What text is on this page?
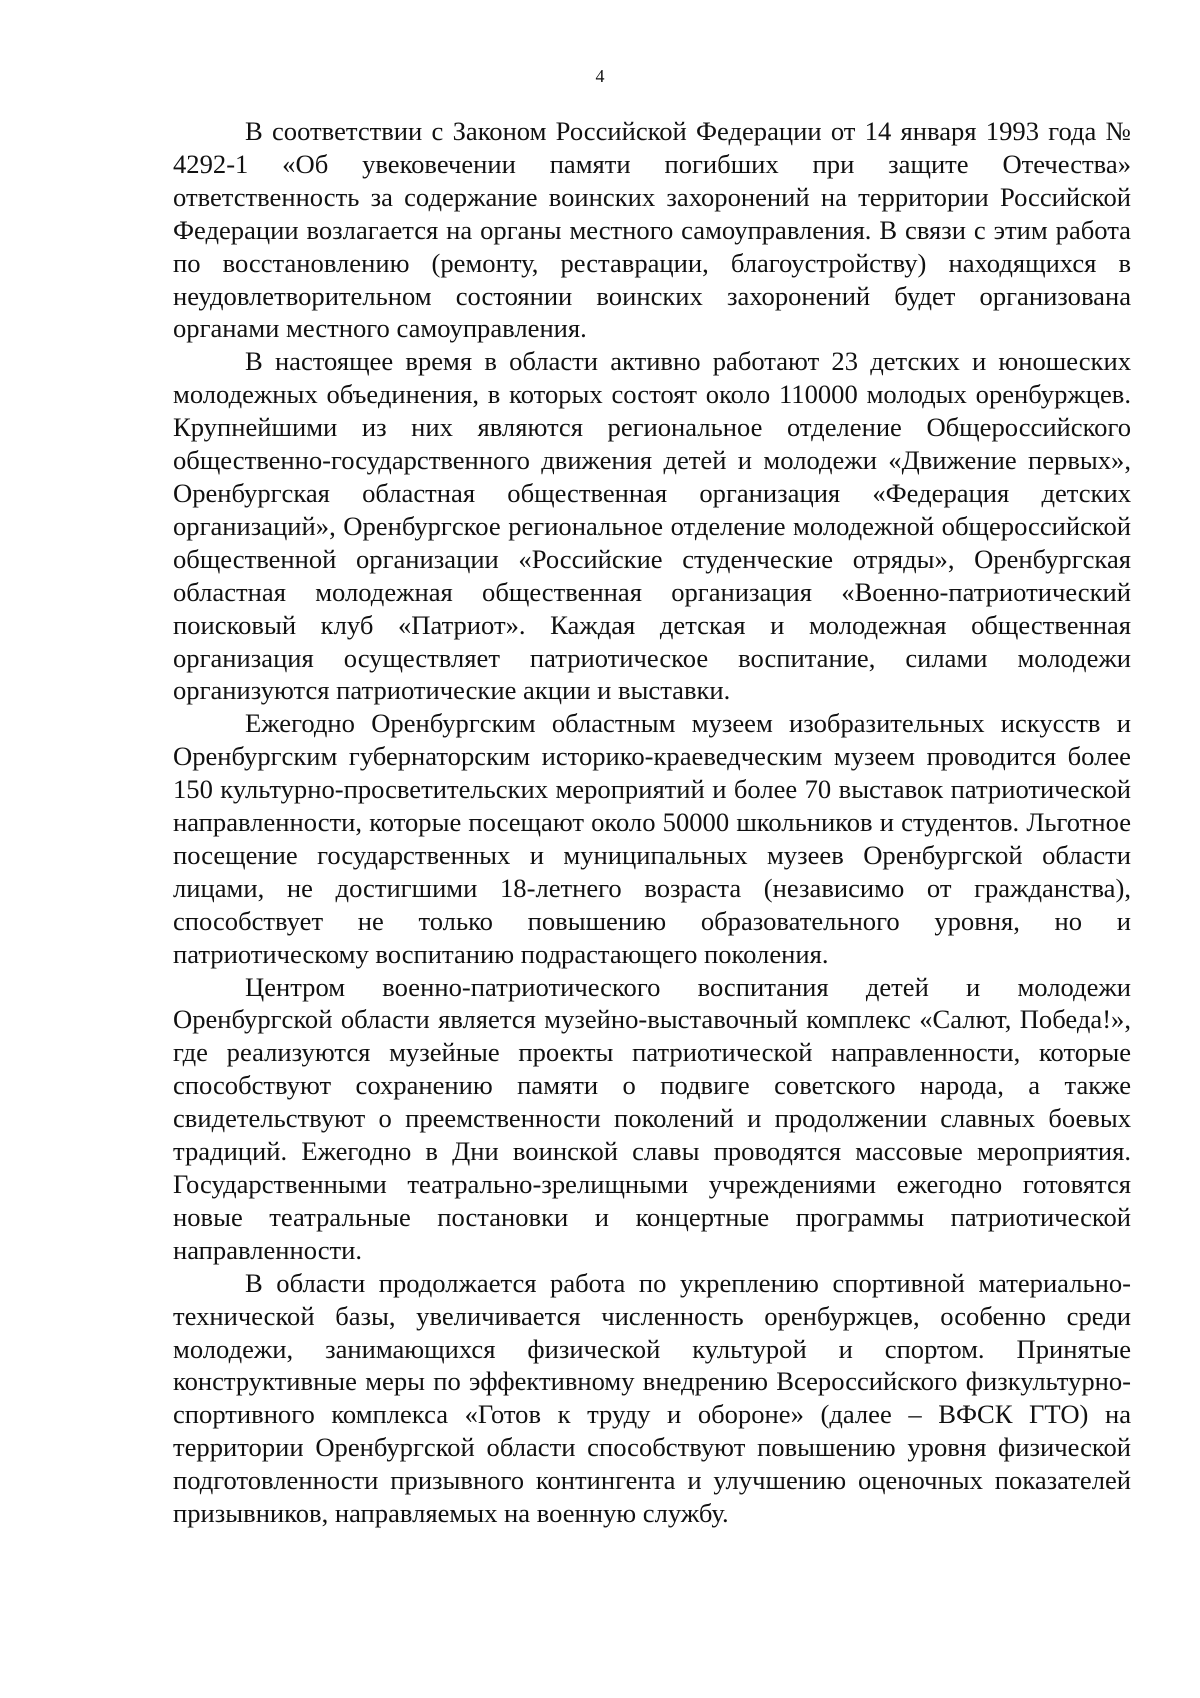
4

В соответствии с Законом Российской Федерации от 14 января 1993 года № 4292-1 «Об увековечении памяти погибших при защите Отечества» ответственность за содержание воинских захоронений на территории Российской Федерации возлагается на органы местного самоуправления. В связи с этим работа по восстановлению (ремонту, реставрации, благоустройству) находящихся в неудовлетворительном состоянии воинских захоронений будет организована органами местного самоуправления.

В настоящее время в области активно работают 23 детских и юношеских молодежных объединения, в которых состоят около 110000 молодых оренбуржцев. Крупнейшими из них являются региональное отделение Общероссийского общественно-государственного движения детей и молодежи «Движение первых», Оренбургская областная общественная организация «Федерация детских организаций», Оренбургское региональное отделение молодежной общероссийской общественной организации «Российские студенческие отряды», Оренбургская областная молодежная общественная организация «Военно-патриотический поисковый клуб «Патриот». Каждая детская и молодежная общественная организация осуществляет патриотическое воспитание, силами молодежи организуются патриотические акции и выставки.

Ежегодно Оренбургским областным музеем изобразительных искусств и Оренбургским губернаторским историко-краеведческим музеем проводится более 150 культурно-просветительских мероприятий и более 70 выставок патриотической направленности, которые посещают около 50000 школьников и студентов. Льготное посещение государственных и муниципальных музеев Оренбургской области лицами, не достигшими 18-летнего возраста (независимо от гражданства), способствует не только повышению образовательного уровня, но и патриотическому воспитанию подрастающего поколения.

Центром военно-патриотического воспитания детей и молодежи Оренбургской области является музейно-выставочный комплекс «Салют, Победа!», где реализуются музейные проекты патриотической направленности, которые способствуют сохранению памяти о подвиге советского народа, а также свидетельствуют о преемственности поколений и продолжении славных боевых традиций. Ежегодно в Дни воинской славы проводятся массовые мероприятия. Государственными театрально-зрелищными учреждениями ежегодно готовятся новые театральные постановки и концертные программы патриотической направленности.

В области продолжается работа по укреплению спортивной материально-технической базы, увеличивается численность оренбуржцев, особенно среди молодежи, занимающихся физической культурой и спортом. Принятые конструктивные меры по эффективному внедрению Всероссийского физкультурно-спортивного комплекса «Готов к труду и обороне» (далее – ВФСК ГТО) на территории Оренбургской области способствуют повышению уровня физической подготовленности призывного контингента и улучшению оценочных показателей призывников, направляемых на военную службу.
